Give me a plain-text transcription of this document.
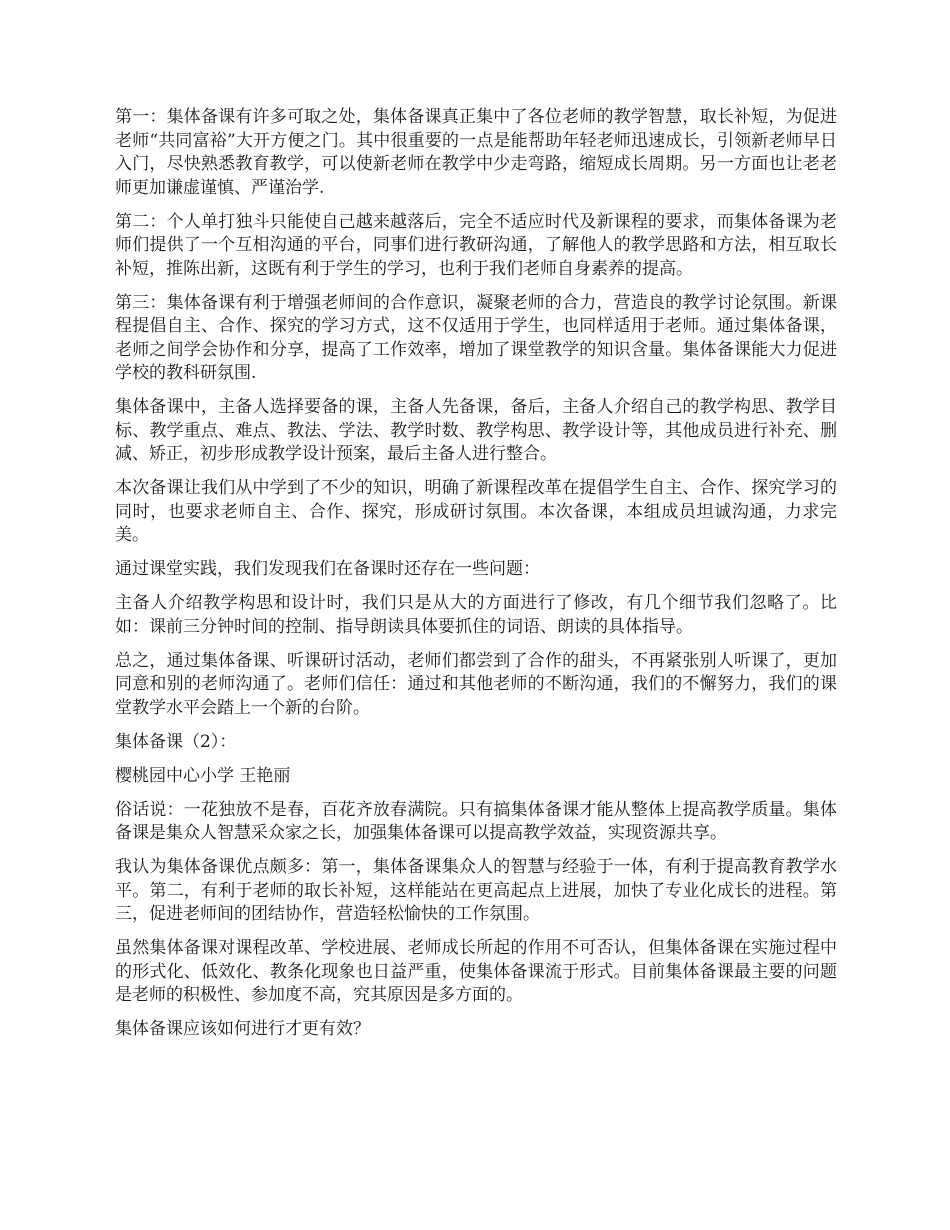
第一：集体备课有许多可取之处，集体备课真正集中了各位老师的教学智慧，取长补短，为促进老师“共同富裕”大开方便之门。其中很重要的一点是能帮助年轻老师迅速成长，引领新老师早日入门，尽快熟悉教育教学，可以使新老师在教学中少走弯路，缩短成长周期。另一方面也让老老师更加谦虚谨慎、严谨治学.

第二：个人单打独斗只能使自己越来越落后，完全不适应时代及新课程的要求，而集体备课为老师们提供了一个互相沟通的平台，同事们进行教研沟通，了解他人的教学思路和方法，相互取长补短，推陈出新，这既有利于学生的学习，也利于我们老师自身素养的提高。

第三：集体备课有利于增强老师间的合作意识，凝聚老师的合力，营造良的教学讨论氛围。新课程提倡自主、合作、探究的学习方式，这不仅适用于学生，也同样适用于老师。通过集体备课，老师之间学会协作和分享，提高了工作效率，增加了课堂教学的知识含量。集体备课能大力促进学校的教科研氛围.

集体备课中，主备人选择要备的课，主备人先备课，备后，主备人介绍自己的教学构思、教学目标、教学重点、难点、教法、学法、教学时数、教学构思、教学设计等，其他成员进行补充、删减、矫正，初步形成教学设计预案，最后主备人进行整合。

本次备课让我们从中学到了不少的知识，明确了新课程改革在提倡学生自主、合作、探究学习的同时，也要求老师自主、合作、探究，形成研讨氛围。本次备课，本组成员坦诚沟通，力求完美。

通过课堂实践，我们发现我们在备课时还存在一些问题：

主备人介绍教学构思和设计时，我们只是从大的方面进行了修改，有几个细节我们忽略了。比如：课前三分钟时间的控制、指导朗读具体要抓住的词语、朗读的具体指导。

总之，通过集体备课、听课研讨活动，老师们都尝到了合作的甜头，不再紧张别人听课了，更加同意和别的老师沟通了。老师们信任：通过和其他老师的不断沟通，我们的不懈努力，我们的课堂教学水平会踏上一个新的台阶。

集体备课（2）：

樱桃园中心小学 王艳丽

俗话说：一花独放不是春，百花齐放春满院。只有搞集体备课才能从整体上提高教学质量。集体备课是集众人智慧采众家之长，加强集体备课可以提高教学效益，实现资源共享。

我认为集体备课优点颇多：第一，集体备课集众人的智慧与经验于一体，有利于提高教育教学水平。第二，有利于老师的取长补短，这样能站在更高起点上进展，加快了专业化成长的进程。第三，促进老师间的团结协作，营造轻松愉快的工作氛围。

虽然集体备课对课程改革、学校进展、老师成长所起的作用不可否认，但集体备课在实施过程中的形式化、低效化、教条化现象也日益严重，使集体备课流于形式。目前集体备课最主要的问题是老师的积极性、参加度不高，究其原因是多方面的。

集体备课应该如何进行才更有效？
